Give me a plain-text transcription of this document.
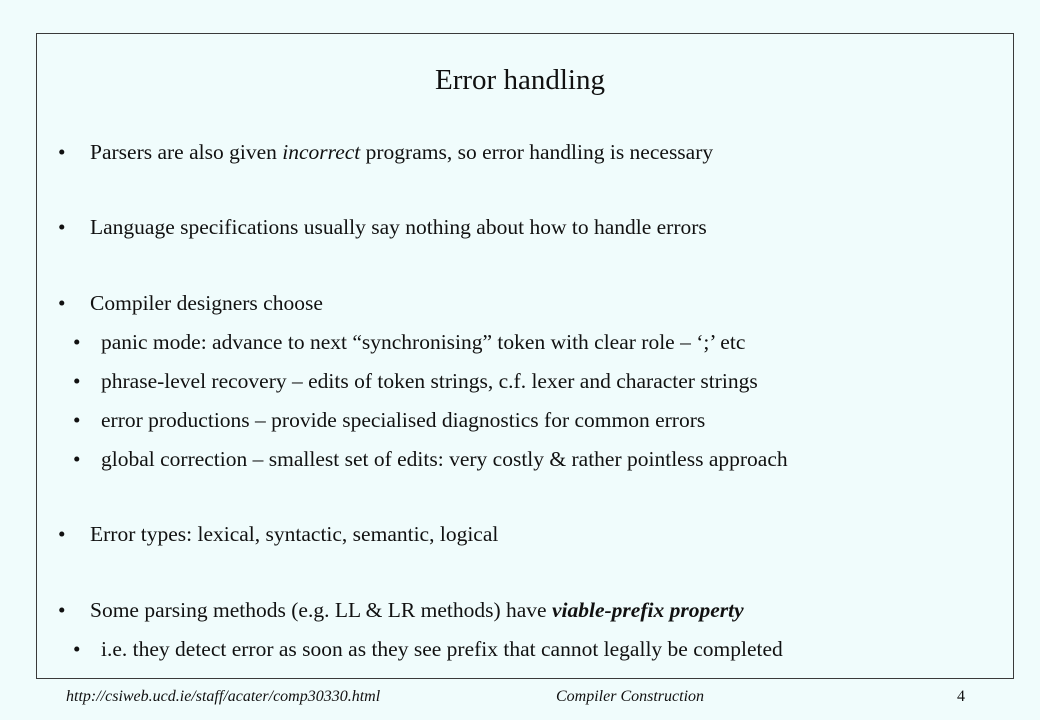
Error handling
• Parsers are also given incorrect programs, so error handling is necessary
• Language specifications usually say nothing about how to handle errors
• Compiler designers choose
• panic mode: advance to next “synchronising” token with clear role – ‘;’ etc
• phrase-level recovery – edits of token strings, c.f. lexer and character strings
• error productions – provide specialised diagnostics for common errors
• global correction – smallest set of edits: very costly & rather pointless approach
• Error types: lexical, syntactic, semantic, logical
• Some parsing methods (e.g. LL & LR methods) have viable-prefix property
• i.e. they detect error as soon as they see prefix that cannot legally be completed
http://csiweb.ucd.ie/staff/acater/comp30330.html	Compiler Construction	4
